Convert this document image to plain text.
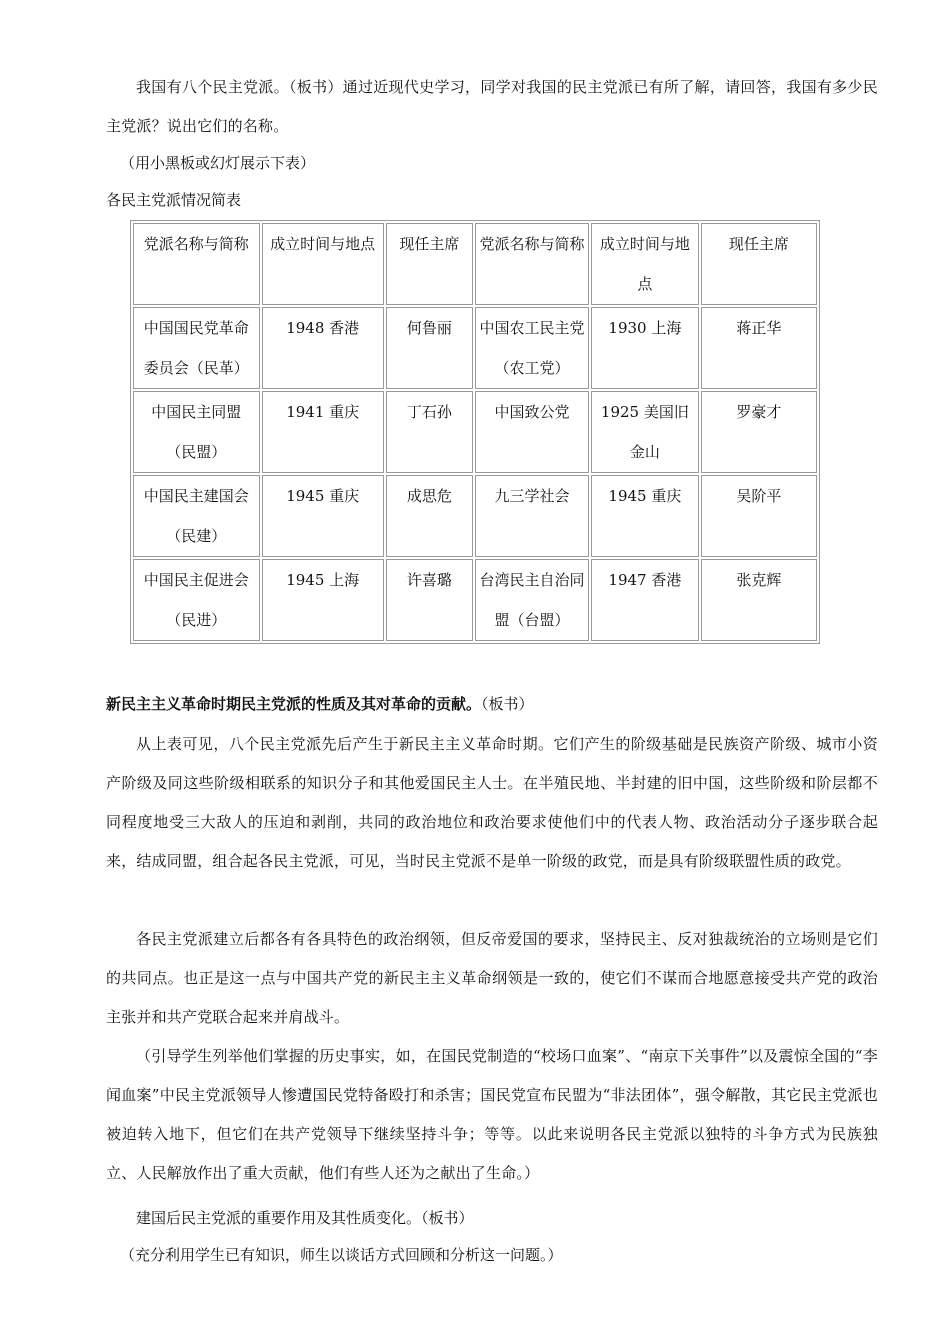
我国有八个民主党派。（板书）通过近现代史学习，同学对我国的民主党派已有所了解，请回答，我国有多少民主党派？说出它们的名称。

（用小黑板或幻灯展示下表）

各民主党派情况简表

党派名称与简称	成立时间与地点	现任主席	党派名称与简称	成立时间与地点	现任主席
中国国民党革命委员会（民革）	1948 香港	何鲁丽	中国农工民主党（农工党）	1930 上海	蒋正华
中国民主同盟（民盟）	1941 重庆	丁石孙	中国致公党	1925 美国旧金山	罗豪才
中国民主建国会（民建）	1945 重庆	成思危	九三学社会	1945 重庆	吴阶平
中国民主促进会（民进）	1945 上海	许喜璐	台湾民主自治同盟（台盟）	1947 香港	张克辉

新民主主义革命时期民主党派的性质及其对革命的贡献。（板书）

从上表可见，八个民主党派先后产生于新民主主义革命时期。它们产生的阶级基础是民族资产阶级、城市小资产阶级及同这些阶级相联系的知识分子和其他爱国民主人士。在半殖民地、半封建的旧中国，这些阶级和阶层都不同程度地受三大敌人的压迫和剥削，共同的政治地位和政治要求使他们中的代表人物、政治活动分子逐步联合起来，结成同盟，组合起各民主党派，可见，当时民主党派不是单一阶级的政党，而是具有阶级联盟性质的政党。

各民主党派建立后都各有各具特色的政治纲领，但反帝爱国的要求，坚持民主、反对独裁统治的立场则是它们的共同点。也正是这一点与中国共产党的新民主主义革命纲领是一致的，使它们不谋而合地愿意接受共产党的政治主张并和共产党联合起来并肩战斗。

（引导学生列举他们掌握的历史事实，如，在国民党制造的“校场口血案”、“南京下关事件”以及震惊全国的“李闻血案”中民主党派领导人惨遭国民党特备殴打和杀害；国民党宣布民盟为“非法团体”，强令解散，其它民主党派也被迫转入地下，但它们在共产党领导下继续坚持斗争；等等。以此来说明各民主党派以独特的斗争方式为民族独立、人民解放作出了重大贡献，他们有些人还为之献出了生命。）

建国后民主党派的重要作用及其性质变化。（板书）

（充分利用学生已有知识，师生以谈话方式回顾和分析这一问题。）
